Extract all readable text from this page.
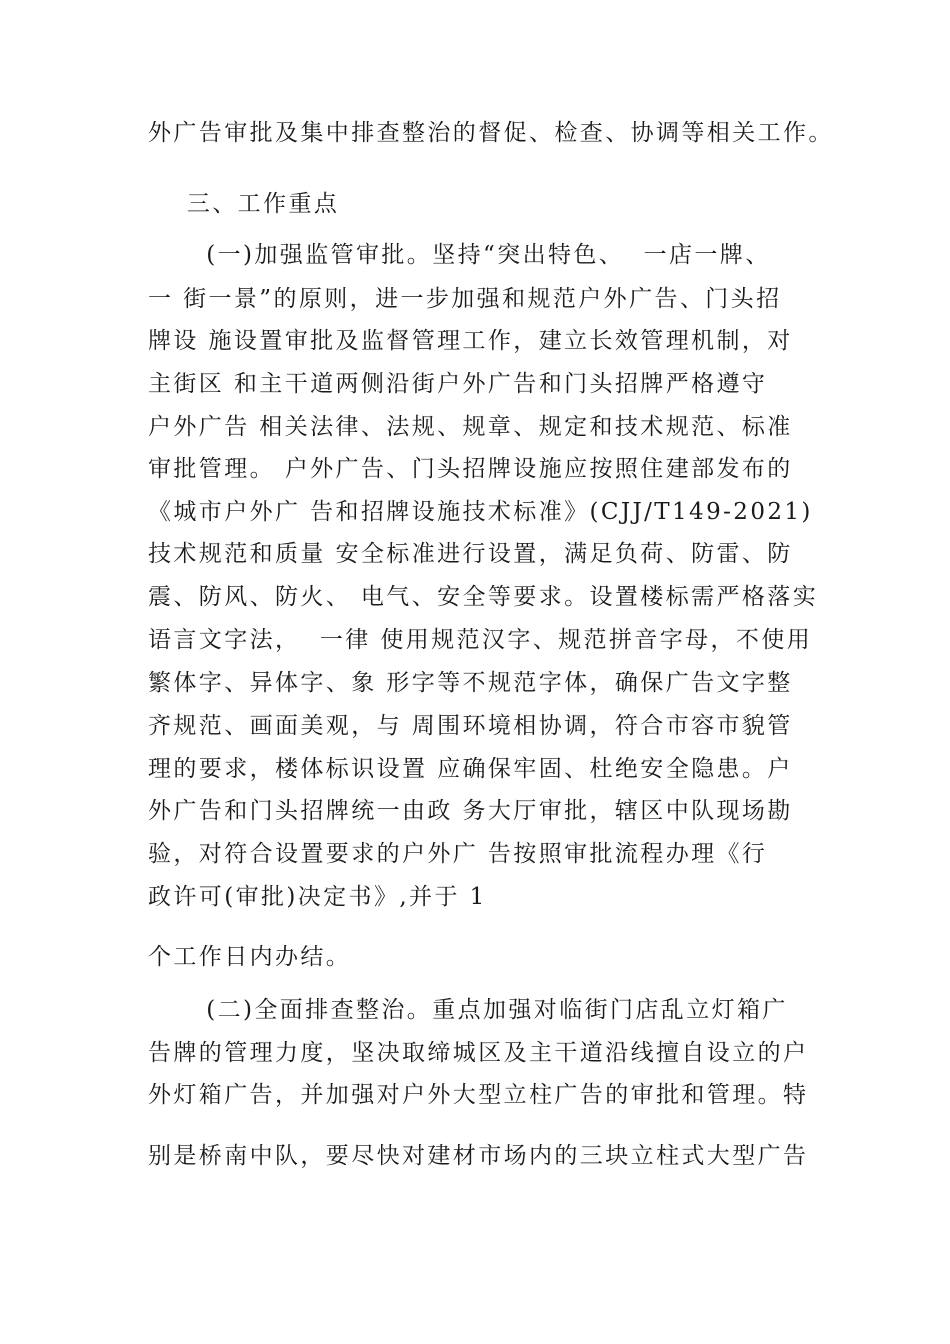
外广告审批及集中排查整治的督促、检查、协调等相关工作。
三、工作重点
(一)加强监管审批。坚持“突出特色、  一店一牌、
一 街一景”的原则，进一步加强和规范户外广告、门头招
牌设 施设置审批及监督管理工作，建立长效管理机制，对
主街区 和主干道两侧沿街户外广告和门头招牌严格遵守
户外广告 相关法律、法规、规章、规定和技术规范、标准
审批管理。 户外广告、门头招牌设施应按照住建部发布的
《城市户外广 告和招牌设施技术标准》(CJJ/T149-2021)
技术规范和质量 安全标准进行设置，满足负荷、防雷、防
震、防风、防火、 电气、安全等要求。设置楼标需严格落实
语言文字法，  一律 使用规范汉字、规范拼音字母，不使用
繁体字、异体字、象 形字等不规范字体，确保广告文字整
齐规范、画面美观，与 周围环境相协调，符合市容市貌管
理的要求，楼体标识设置 应确保牢固、杜绝安全隐患。户
外广告和门头招牌统一由政 务大厅审批，辖区中队现场勘
验，对符合设置要求的户外广 告按照审批流程办理《行
政许可(审批)决定书》,并于 1
个工作日内办结。
(二)全面排查整治。重点加强对临街门店乱立灯箱广
告牌的管理力度，坚决取缔城区及主干道沿线擅自设立的户
外灯箱广告，并加强对户外大型立柱广告的审批和管理。特
别是桥南中队，要尽快对建材市场内的三块立柱式大型广告
